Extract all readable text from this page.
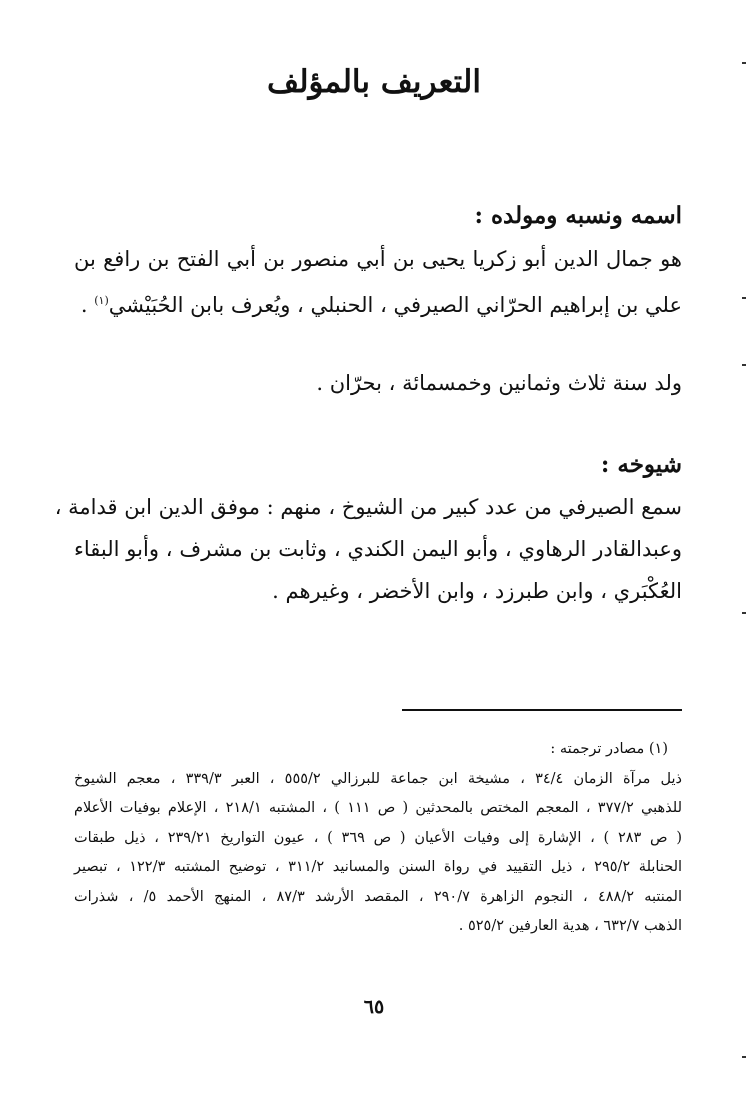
التعريف بالمؤلف
اسمه ونسبه ومولده :
هو جمال الدين أبو زكريا يحيى بن أبي منصور بن أبي الفتح بن رافع بن
علي بن إبراهيم الحرّاني الصيرفي ، الحنبلي ، ويُعرف بابن الحُبَيْشي$^{(١)}$ .

ولد سنة ثلاث وثمانين وخمسمائة ، بحرّان .

شيوخه :
سمع الصيرفي من عدد كبير من الشيوخ ، منهم : موفق الدين ابن قدامة ،
وعبدالقادر الرهاوي ، وأبو اليمن الكندي ، وثابت بن مشرف ، وأبو البقاء
العُكْبَري ، وابن طبرزد ، وابن الأخضر ، وغيرهم .
(١) مصادر ترجمته :
ذيل مرآة الزمان ٣٤/٤ ، مشيخة ابن جماعة للبرزالي ٥٥٥/٢ ، العبر ٣٣٩/٣ ، معجم الشيوخ
للذهبي ٣٧٧/٢ ، المعجم المختص بالمحدثين ( ص ١١١ ) ، المشتبه ٢١٨/١ ، الإعلام بوفيات الأعلام
( ص ٢٨٣ ) ، الإشارة إلى وفيات الأعيان ( ص ٣٦٩ ) ، عيون التواريخ ٢٣٩/٢١ ، ذيل طبقات
الحنابلة ٢٩٥/٢ ، ذيل التقييد في رواة السنن والمسانيد ٣١١/٢ ، توضيح المشتبه ١٢٢/٣ ، تبصير
المنتبه ٤٨٨/٢ ، النجوم الزاهرة ٢٩٠/٧ ، المقصد الأرشد ٨٧/٣ ، المنهج الأحمد ٥/ ، شذرات
الذهب ٦٣٢/٧ ، هدية العارفين ٥٢٥/٢ .

٦٥
